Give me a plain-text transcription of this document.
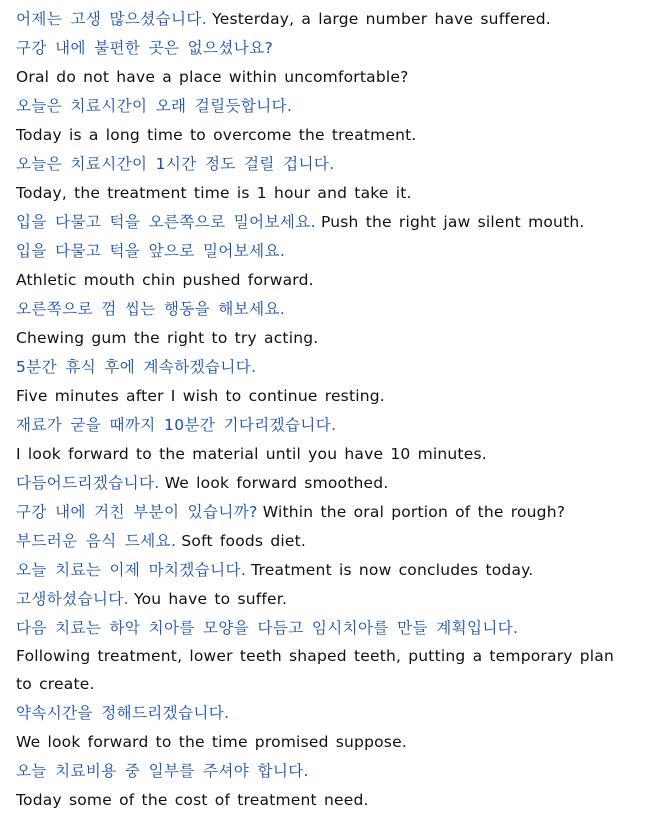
어제는 고생 많으셨습니다. Yesterday, a large number have suffered.
구강 내에 불편한 곳은 없으셨나요?
Oral do not have a place within uncomfortable?
오늘은 치료시간이 오래 걸릴듯합니다.
Today is a long time to overcome the treatment.
오늘은 치료시간이 1시간 정도 걸릴 겁니다.
Today, the treatment time is 1 hour and take it.
입을 다물고 턱을 오른쪽으로 밀어보세요. Push the right jaw silent mouth.
입을 다물고 턱을 앞으로 밀어보세요.
Athletic mouth chin pushed forward.
오른쪽으로 껌 씹는 행동을 해보세요.
Chewing gum the right to try acting.
5분간 휴식 후에 계속하겠습니다.
Five minutes after I wish to continue resting.
재료가 굳을 때까지 10분간 기다리겠습니다.
I look forward to the material until you have 10 minutes.
다듬어드리겠습니다. We look forward smoothed.
구강 내에 거친 부분이 있습니까? Within the oral portion of the rough?
부드러운 음식 드세요. Soft foods diet.
오늘 치료는 이제 마치겠습니다. Treatment is now concludes today.
고생하셨습니다. You have to suffer.
다음 치료는 하악 치아를 모양을 다듬고 임시치아를 만들 계획입니다.
Following treatment, lower teeth shaped teeth, putting a temporary plan
to create.
약속시간을 정해드리겠습니다.
We look forward to the time promised suppose.
오늘 치료비용 중 일부를 주셔야 합니다.
Today some of the cost of treatment need.
